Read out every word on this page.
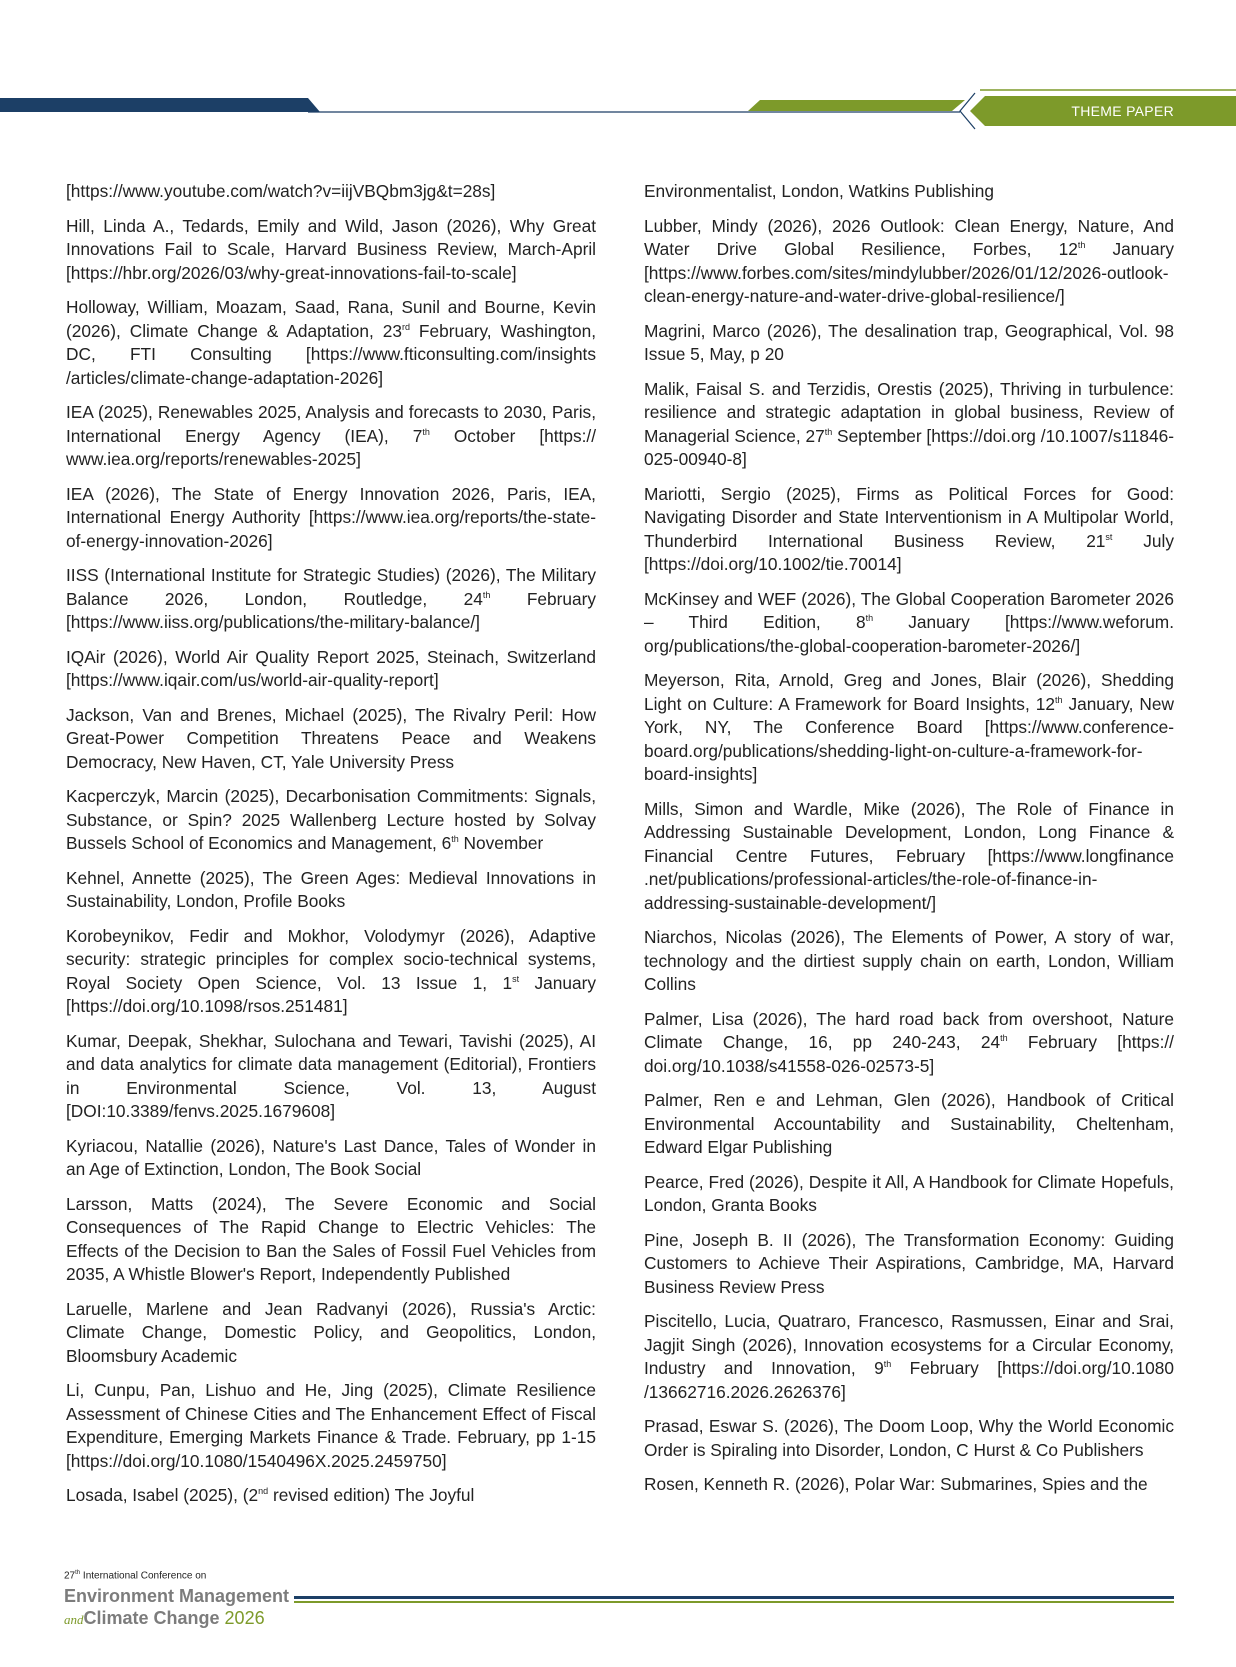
THEME PAPER

[https://www.youtube.com/watch?v=iijVBQbm3jg&t=28s]

Hill, Linda A., Tedards, Emily and Wild, Jason (2026), Why Great Innovations Fail to Scale, Harvard Business Review, March-April [https://hbr.org/2026/03/why-great-innovations-fail-to-scale]

Holloway, William, Moazam, Saad, Rana, Sunil and Bourne, Kevin (2026), Climate Change & Adaptation, 23rd February, Washington, DC, FTI Consulting [https://www.fticonsulting.com/insights /articles/climate-change-adaptation-2026]

IEA (2025), Renewables 2025, Analysis and forecasts to 2030, Paris, International Energy Agency (IEA), 7th October [https:// www.iea.org/reports/renewables-2025]

IEA (2026), The State of Energy Innovation 2026, Paris, IEA, International Energy Authority [https://www.iea.org/reports/the-state-of-energy-innovation-2026]

IISS (International Institute for Strategic Studies) (2026), The Military Balance 2026, London, Routledge, 24th February [https://www.iiss.org/publications/the-military-balance/]

IQAir (2026), World Air Quality Report 2025, Steinach, Switzerland [https://www.iqair.com/us/world-air-quality-report]

Jackson, Van and Brenes, Michael (2025), The Rivalry Peril: How Great-Power Competition Threatens Peace and Weakens Democracy, New Haven, CT, Yale University Press

Kacperczyk, Marcin (2025), Decarbonisation Commitments: Signals, Substance, or Spin? 2025 Wallenberg Lecture hosted by Solvay Bussels School of Economics and Management, 6th November

Kehnel, Annette (2025), The Green Ages: Medieval Innovations in Sustainability, London, Profile Books

Korobeynikov, Fedir and Mokhor, Volodymyr (2026), Adaptive security: strategic principles for complex socio-technical systems, Royal Society Open Science, Vol. 13 Issue 1, 1st January [https://doi.org/10.1098/rsos.251481]

Kumar, Deepak, Shekhar, Sulochana and Tewari, Tavishi (2025), AI and data analytics for climate data management (Editorial), Frontiers in Environmental Science, Vol. 13, August [DOI:10.3389/fenvs.2025.1679608]

Kyriacou, Natallie (2026), Nature's Last Dance, Tales of Wonder in an Age of Extinction, London, The Book Social

Larsson, Matts (2024), The Severe Economic and Social Consequences of The Rapid Change to Electric Vehicles: The Effects of the Decision to Ban the Sales of Fossil Fuel Vehicles from 2035, A Whistle Blower's Report, Independently Published

Laruelle, Marlene and Jean Radvanyi (2026), Russia's Arctic: Climate Change, Domestic Policy, and Geopolitics, London, Bloomsbury Academic

Li, Cunpu, Pan, Lishuo and He, Jing (2025), Climate Resilience Assessment of Chinese Cities and The Enhancement Effect of Fiscal Expenditure, Emerging Markets Finance & Trade. February, pp 1-15 [https://doi.org/10.1080/1540496X.2025.2459750]

Losada, Isabel (2025), (2nd revised edition) The Joyful

Environmentalist, London, Watkins Publishing

Lubber, Mindy (2026), 2026 Outlook: Clean Energy, Nature, And Water Drive Global Resilience, Forbes, 12th January [https://www.forbes.com/sites/mindylubber/2026/01/12/2026-outlook-clean-energy-nature-and-water-drive-global-resilience/]

Magrini, Marco (2026), The desalination trap, Geographical, Vol. 98 Issue 5, May, p 20

Malik, Faisal S. and Terzidis, Orestis (2025), Thriving in turbulence: resilience and strategic adaptation in global business, Review of Managerial Science, 27th September [https://doi.org /10.1007/s11846-025-00940-8]

Mariotti, Sergio (2025), Firms as Political Forces for Good: Navigating Disorder and State Interventionism in A Multipolar World, Thunderbird International Business Review, 21st July [https://doi.org/10.1002/tie.70014]

McKinsey and WEF (2026), The Global Cooperation Barometer 2026 – Third Edition, 8th January [https://www.weforum. org/publications/the-global-cooperation-barometer-2026/]

Meyerson, Rita, Arnold, Greg and Jones, Blair (2026), Shedding Light on Culture: A Framework for Board Insights, 12th January, New York, NY, The Conference Board [https://www.conference-board.org/publications/shedding-light-on-culture-a-framework-for-board-insights]

Mills, Simon and Wardle, Mike (2026), The Role of Finance in Addressing Sustainable Development, London, Long Finance & Financial Centre Futures, February [https://www.longfinance .net/publications/professional-articles/the-role-of-finance-in-addressing-sustainable-development/]

Niarchos, Nicolas (2026), The Elements of Power, A story of war, technology and the dirtiest supply chain on earth, London, William Collins

Palmer, Lisa (2026), The hard road back from overshoot, Nature Climate Change, 16, pp 240-243, 24th February [https:// doi.org/10.1038/s41558-026-02573-5]

Palmer, Ren e and Lehman, Glen (2026), Handbook of Critical Environmental Accountability and Sustainability, Cheltenham, Edward Elgar Publishing

Pearce, Fred (2026), Despite it All, A Handbook for Climate Hopefuls, London, Granta Books

Pine, Joseph B. II (2026), The Transformation Economy: Guiding Customers to Achieve Their Aspirations, Cambridge, MA, Harvard Business Review Press

Piscitello, Lucia, Quatraro, Francesco, Rasmussen, Einar and Srai, Jagjit Singh (2026), Innovation ecosystems for a Circular Economy, Industry and Innovation, 9th February [https://doi.org/10.1080 /13662716.2026.2626376]

Prasad, Eswar S. (2026), The Doom Loop, Why the World Economic Order is Spiraling into Disorder, London, C Hurst & Co Publishers

Rosen, Kenneth R. (2026), Polar War: Submarines, Spies and the

27th International Conference on
Environment Management
andClimate Change 2026
